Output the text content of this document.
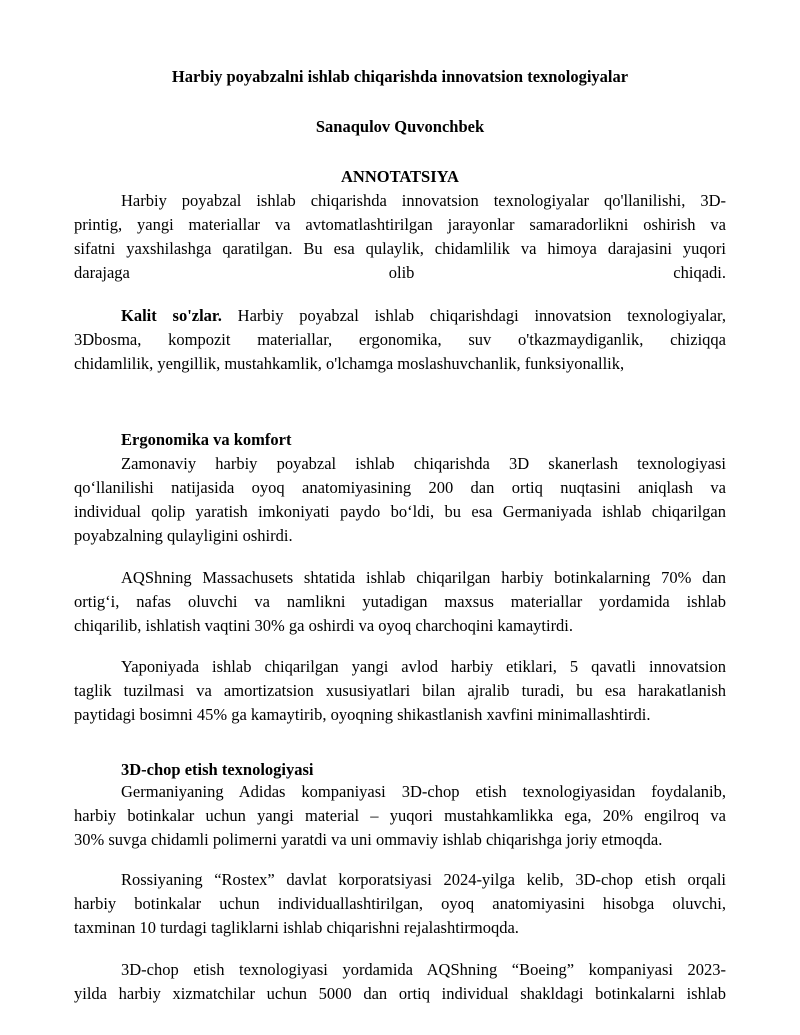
Harbiy poyabzalni ishlab chiqarishda innovatsion texnologiyalar
Sanaqulov Quvonchbek
ANNOTATSIYA
Harbiy poyabzal ishlab chiqarishda innovatsion texnologiyalar qo'llanilishi, 3D-
printig, yangi materiallar va avtomatlashtirilgan jarayonlar samaradorlikni oshirish va
sifatni yaxshilashga qaratilgan. Bu esa qulaylik, chidamlilik va himoya darajasini yuqori
darajaga olib chiqadi.
Kalit so'zlar. Harbiy poyabzal ishlab chiqarishdagi innovatsion texnologiyalar,
3Dbosma, kompozit materiallar, ergonomika, suv o'tkazmaydiganlik, chiziqqa
chidamlilik, yengillik, mustahkamlik, o'lchamga moslashuvchanlik, funksiyonallik,
Ergonomika va komfort
Zamonaviy harbiy poyabzal ishlab chiqarishda 3D skanerlash texnologiyasi
qo‘llanilishi natijasida oyoq anatomiyasining 200 dan ortiq nuqtasini aniqlash va
individual qolip yaratish imkoniyati paydo bo‘ldi, bu esa Germaniyada ishlab chiqarilgan
poyabzalning qulayligini oshirdi.
AQShning Massachusets shtatida ishlab chiqarilgan harbiy botinkalarning 70% dan
ortig‘i, nafas oluvchi va namlikni yutadigan maxsus materiallar yordamida ishlab
chiqarilib, ishlatish vaqtini 30% ga oshirdi va oyoq charchoqini kamaytirdi.
Yaponiyada ishlab chiqarilgan yangi avlod harbiy etiklari, 5 qavatli innovatsion
taglik tuzilmasi va amortizatsion xususiyatlari bilan ajralib turadi, bu esa harakatlanish
paytidagi bosimni 45% ga kamaytirib, oyoqning shikastlanish xavfini minimallashtirdi.
3D-chop etish texnologiyasi
Germaniyaning Adidas kompaniyasi 3D-chop etish texnologiyasidan foydalanib,
harbiy botinkalar uchun yangi material – yuqori mustahkamlikka ega, 20% engilroq va
30% suvga chidamli polimerni yaratdi va uni ommaviy ishlab chiqarishga joriy etmoqda.
Rossiyaning “Rostex” davlat korporatsiyasi 2024-yilga kelib, 3D-chop etish orqali
harbiy botinkalar uchun individuallashtirilgan, oyoq anatomiyasini hisobga oluvchi,
taxminan 10 turdagi tagliklarni ishlab chiqarishni rejalashtirmoqda.
3D-chop etish texnologiyasi yordamida AQShning “Boeing” kompaniyasi 2023-
yilda harbiy xizmatchilar uchun 5000 dan ortiq individual shakldagi botinkalarni ishlab
